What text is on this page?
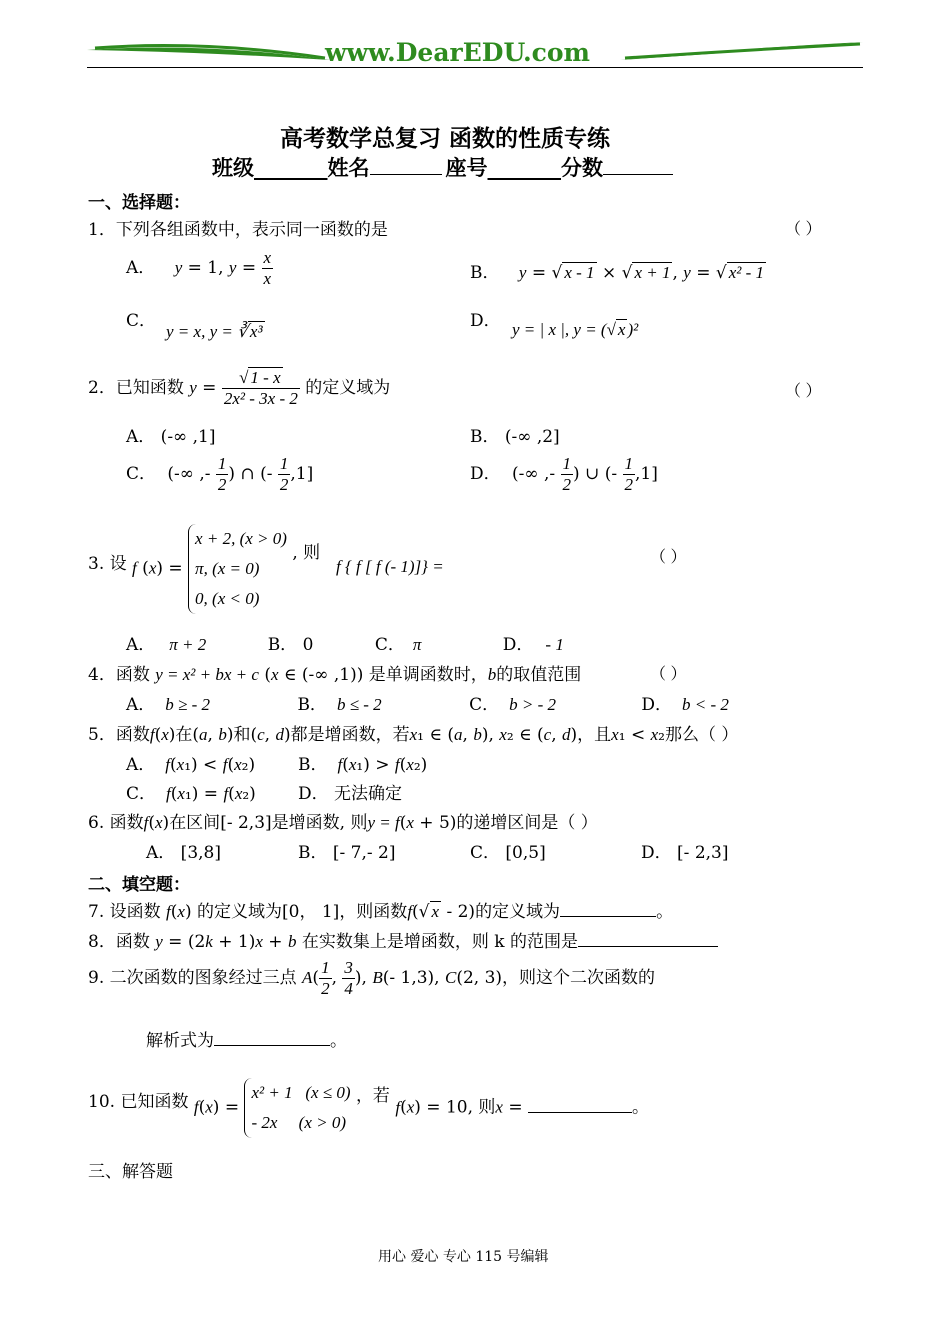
www.DearEDU.com
高考数学总复习 函数的性质专练
班级_______姓名	座号_______分数
一、选择题：
1．下列各组函数中，表示同一函数的是	（ ）
A． y = 1, $y = \frac{x}{x}$	B． y = √ x - 1 × √ x + 1 , y = √ x² - 1
C．
y = x, y = ∛ x³
D． y = | x |, y = (√ x )²
2．已知函数 $y = \frac{√ 1 - x}{\text{2x² - 3x - 2}}$ 的定义域为	（ ）
A． (-∞ ,1]	B． (-∞ ,2]
C． (-∞ ,- $\frac{1}{2}$ ) ∩ (- $\frac{1}{2} ,1$]	D． (-∞ ,- $\frac{1}{2}$ ) ∪ (- $\frac{1}{2} ,1$]
3. 设 f (x) =
x + 2, (x > 0)
π, (x = 0)
0, (x < 0)
, 则
f { f [ f (- 1)]} =	（ ）
A． π + 2	B． 0	C． π	D． - 1
4．函数 y = x² + bx + c (x ∈ (-∞ ,1)) 是单调函数时，b的取值范围	（ ）
A． b ≥ - 2	B． b ≤ - 2	C． b > - 2	D． b < - 2
5．函数f(x)在(a, b)和(c, d)都是增函数，若x₁ ∈ (a, b), x₂ ∈ (c, d)，且x₁ < x₂那么（ ）
A． f(x₁) < f(x₂)	B． f(x₁) > f(x₂)
C． f(x₁) = f(x₂) D． 无法确定
6. 函数f(x)在区间[- 2,3]是增函数, 则y = f(x + 5)的递增区间是（ ）
A． [3,8]	B． [- 7,- 2]	C． [0,5]	D． [- 2,3]
二、填空题：
7. 设函数 f(x) 的定义域为[0， 1]，则函数f(√ x - 2)的定义域为	。
8．函数 y = (2k + 1)x + b 在实数集上是增函数，则 k 的范围是
9. 二次函数的图象经过三点 $A( \frac{1}{2}$ , $\frac{3}{4}$ ), B(- 1,3), C(2, 3)，则这个二次函数的
解析式为	。
10. 已知函数 f(x) =
x² + 1   (x ≤ 0)
- 2x     (x > 0)
，若 f(x) = 10, 则x =	。
三、解答题
用心 爱心 专心 115 号编辑
